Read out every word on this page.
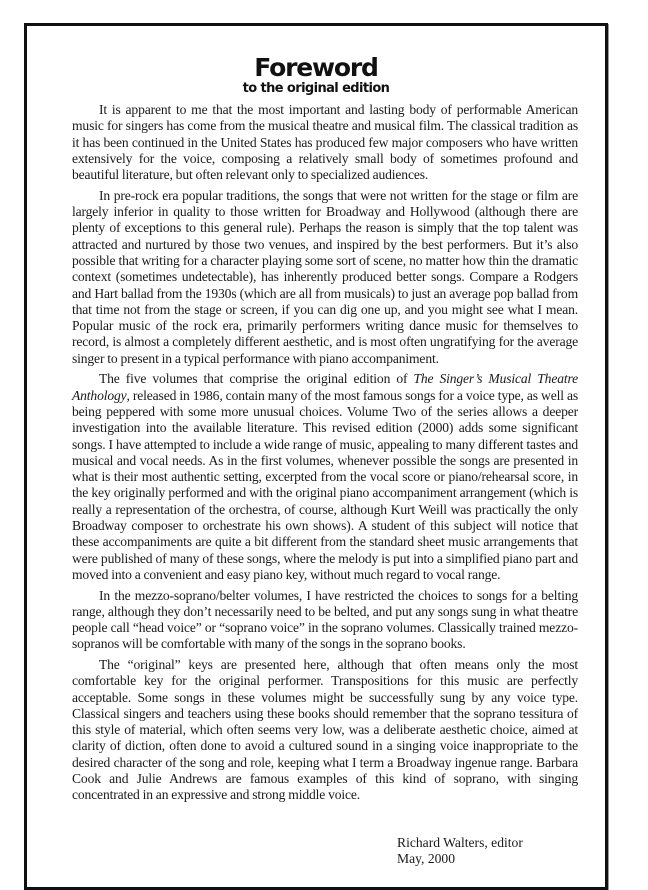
Foreword
to the original edition

It is apparent to me that the most important and lasting body of performable American music for singers has come from the musical theatre and musical film. The classical tradition as it has been continued in the United States has produced few major composers who have written extensively for the voice, composing a relatively small body of sometimes profound and beautiful literature, but often relevant only to specialized audiences.

In pre-rock era popular traditions, the songs that were not written for the stage or film are largely inferior in quality to those written for Broadway and Hollywood (although there are plenty of exceptions to this general rule). Perhaps the reason is simply that the top talent was attracted and nurtured by those two venues, and inspired by the best performers. But it’s also possible that writing for a character playing some sort of scene, no matter how thin the dramatic context (sometimes undetectable), has inherently produced better songs. Compare a Rodgers and Hart ballad from the 1930s (which are all from musicals) to just an average pop ballad from that time not from the stage or screen, if you can dig one up, and you might see what I mean. Popular music of the rock era, primarily performers writing dance music for themselves to record, is almost a completely different aesthetic, and is most often ungratifying for the average singer to present in a typical performance with piano accompaniment.

The five volumes that comprise the original edition of The Singer’s Musical Theatre Anthology, released in 1986, contain many of the most famous songs for a voice type, as well as being peppered with some more unusual choices. Volume Two of the series allows a deeper investigation into the available literature. This revised edition (2000) adds some significant songs. I have attempted to include a wide range of music, appealing to many different tastes and musical and vocal needs. As in the first volumes, whenever possible the songs are presented in what is their most authentic setting, excerpted from the vocal score or piano/rehearsal score, in the key originally performed and with the original piano accompaniment arrangement (which is really a representation of the orchestra, of course, although Kurt Weill was practically the only Broadway composer to orchestrate his own shows). A student of this subject will notice that these accompaniments are quite a bit different from the standard sheet music arrangements that were published of many of these songs, where the melody is put into a simplified piano part and moved into a convenient and easy piano key, without much regard to vocal range.

In the mezzo-soprano/belter volumes, I have restricted the choices to songs for a belting range, although they don’t necessarily need to be belted, and put any songs sung in what theatre people call “head voice” or “soprano voice” in the soprano volumes. Classically trained mezzo-sopranos will be comfortable with many of the songs in the soprano books.

The “original” keys are presented here, although that often means only the most comfortable key for the original performer. Transpositions for this music are perfectly acceptable. Some songs in these volumes might be successfully sung by any voice type. Classical singers and teachers using these books should remember that the soprano tessitura of this style of material, which often seems very low, was a deliberate aesthetic choice, aimed at clarity of diction, often done to avoid a cultured sound in a singing voice inappropriate to the desired character of the song and role, keeping what I term a Broadway ingenue range. Barbara Cook and Julie Andrews are famous examples of this kind of soprano, with singing concentrated in an expressive and strong middle voice.

Richard Walters, editor
May, 2000
